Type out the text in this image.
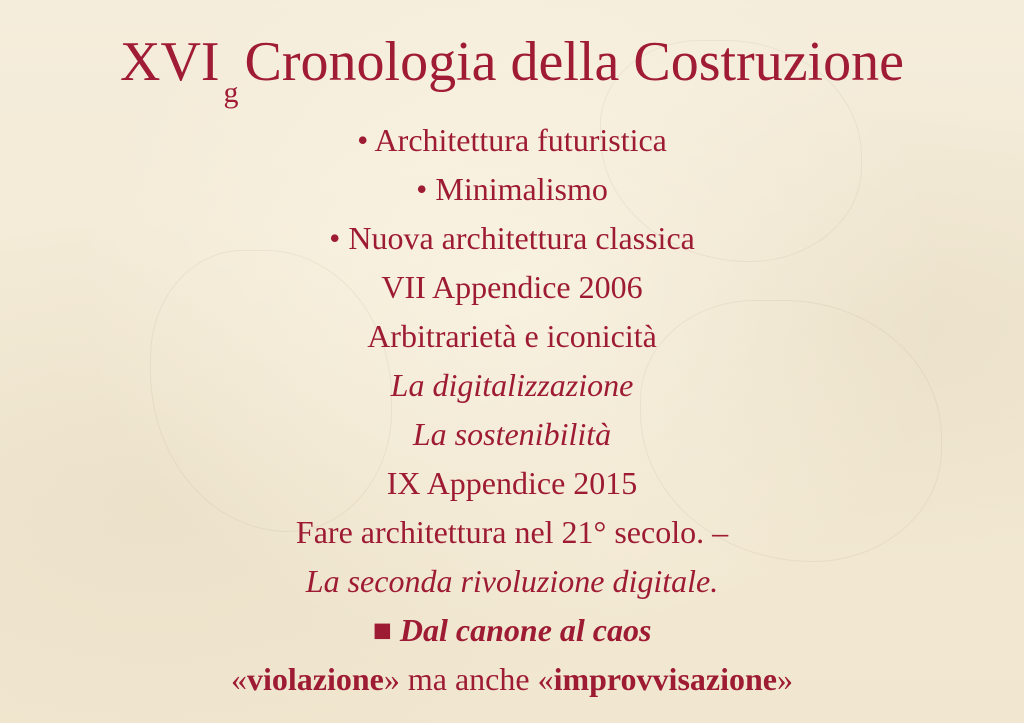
XVI $_g$ Cronologia della Costruzione
• Architettura futuristica
• Minimalismo
• Nuova architettura classica
VII Appendice 2006
Arbitrarietà e iconicità
La digitalizzazione
La sostenibilità
IX Appendice 2015
Fare architettura nel 21° secolo. –
La seconda rivoluzione digitale.
■ Dal canone al caos
«violazione» ma anche «improvvisazione»
